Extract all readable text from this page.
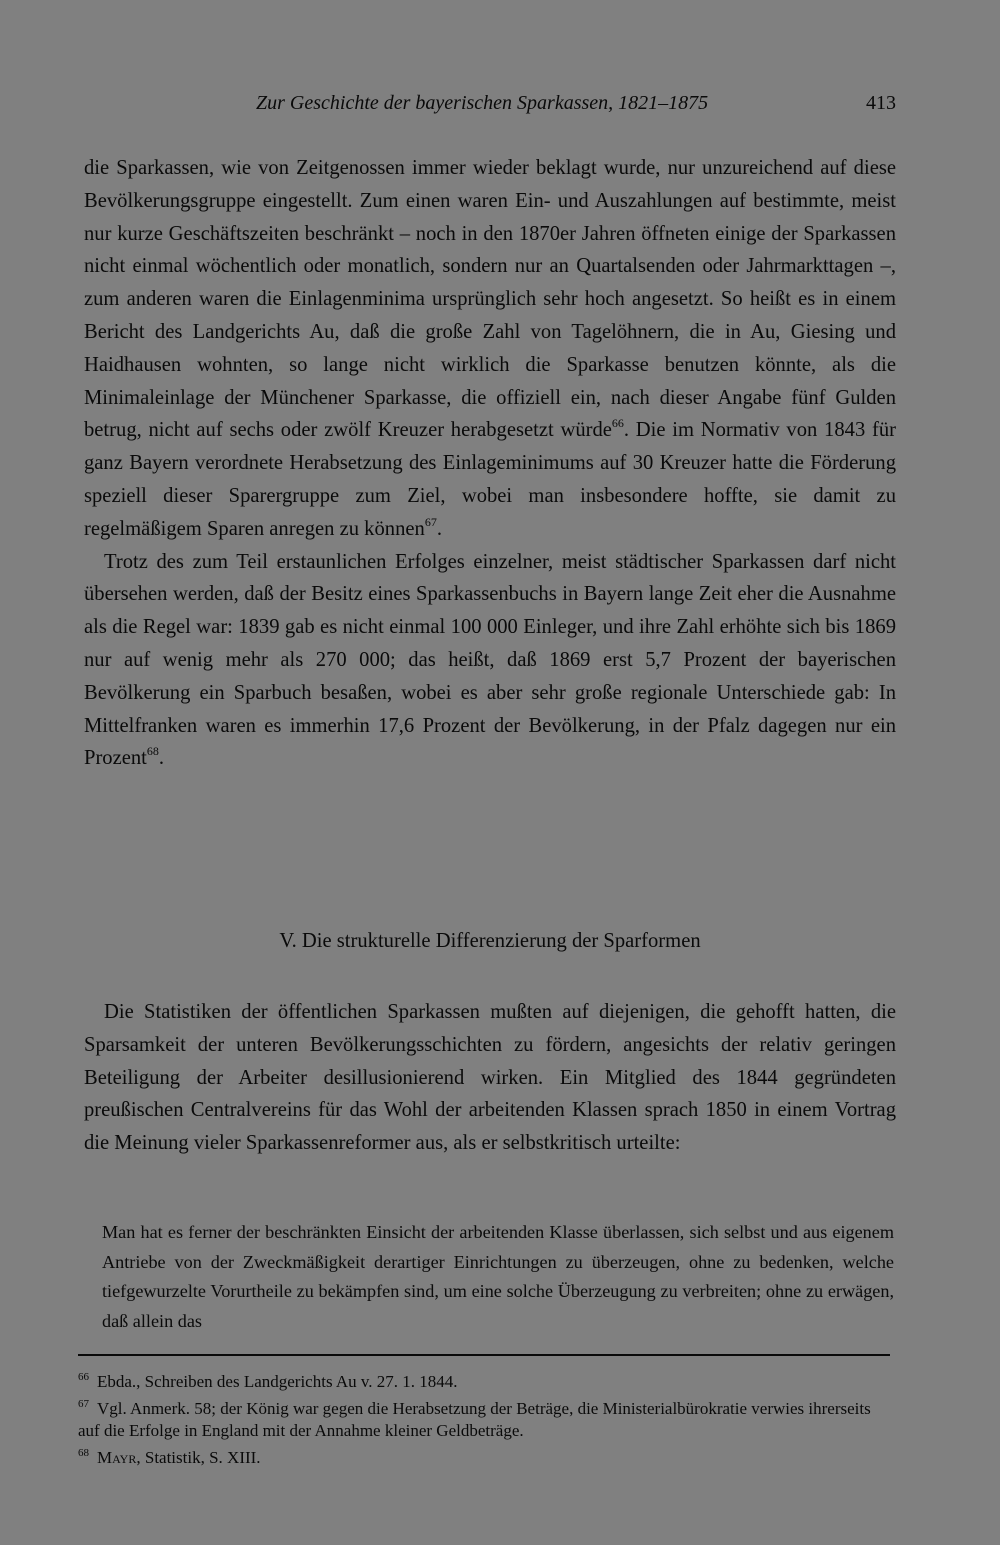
Zur Geschichte der bayerischen Sparkassen, 1821–1875	413

die Sparkassen, wie von Zeitgenossen immer wieder beklagt wurde, nur unzureichend auf diese Bevölkerungsgruppe eingestellt. Zum einen waren Ein- und Auszahlungen auf bestimmte, meist nur kurze Geschäftszeiten beschränkt – noch in den 1870er Jahren öffneten einige der Sparkassen nicht einmal wöchentlich oder monatlich, sondern nur an Quartalsenden oder Jahrmarkttagen –, zum anderen waren die Einlagenminima ursprünglich sehr hoch angesetzt. So heißt es in einem Bericht des Landgerichts Au, daß die große Zahl von Tagelöhnern, die in Au, Giesing und Haidhausen wohnten, so lange nicht wirklich die Sparkasse benutzen könnte, als die Minimaleinlage der Münchener Sparkasse, die offiziell ein, nach dieser Angabe fünf Gulden betrug, nicht auf sechs oder zwölf Kreuzer herabgesetzt würde$^{66}$. Die im Normativ von 1843 für ganz Bayern verordnete Herabsetzung des Einlageminimums auf 30 Kreuzer hatte die Förderung speziell dieser Sparergruppe zum Ziel, wobei man insbesondere hoffte, sie damit zu regelmäßigem Sparen anregen zu können$^{67}$.

Trotz des zum Teil erstaunlichen Erfolges einzelner, meist städtischer Sparkassen darf nicht übersehen werden, daß der Besitz eines Sparkassenbuchs in Bayern lange Zeit eher die Ausnahme als die Regel war: 1839 gab es nicht einmal 100 000 Einleger, und ihre Zahl erhöhte sich bis 1869 nur auf wenig mehr als 270 000; das heißt, daß 1869 erst 5,7 Prozent der bayerischen Bevölkerung ein Sparbuch besaßen, wobei es aber sehr große regionale Unterschiede gab: In Mittelfranken waren es immerhin 17,6 Prozent der Bevölkerung, in der Pfalz dagegen nur ein Prozent$^{68}$.

V. Die strukturelle Differenzierung der Sparformen

Die Statistiken der öffentlichen Sparkassen mußten auf diejenigen, die gehofft hatten, die Sparsamkeit der unteren Bevölkerungsschichten zu fördern, angesichts der relativ geringen Beteiligung der Arbeiter desillusionierend wirken. Ein Mitglied des 1844 gegründeten preußischen Centralvereins für das Wohl der arbeitenden Klassen sprach 1850 in einem Vortrag die Meinung vieler Sparkassenreformer aus, als er selbstkritisch urteilte:

Man hat es ferner der beschränkten Einsicht der arbeitenden Klasse überlassen, sich selbst und aus eigenem Antriebe von der Zweckmäßigkeit derartiger Einrichtungen zu überzeugen, ohne zu bedenken, welche tiefgewurzelte Vorurtheile zu bekämpfen sind, um eine solche Überzeugung zu verbreiten; ohne zu erwägen, daß allein das

$^{66}$ Ebda., Schreiben des Landgerichts Au v. 27. 1. 1844.

$^{67}$ Vgl. Anmerk. 58; der König war gegen die Herabsetzung der Beträge, die Ministerialbürokratie verwies ihrerseits auf die Erfolge in England mit der Annahme kleiner Geldbeträge.

$^{68}$ Mayr, Statistik, S. XIII.
